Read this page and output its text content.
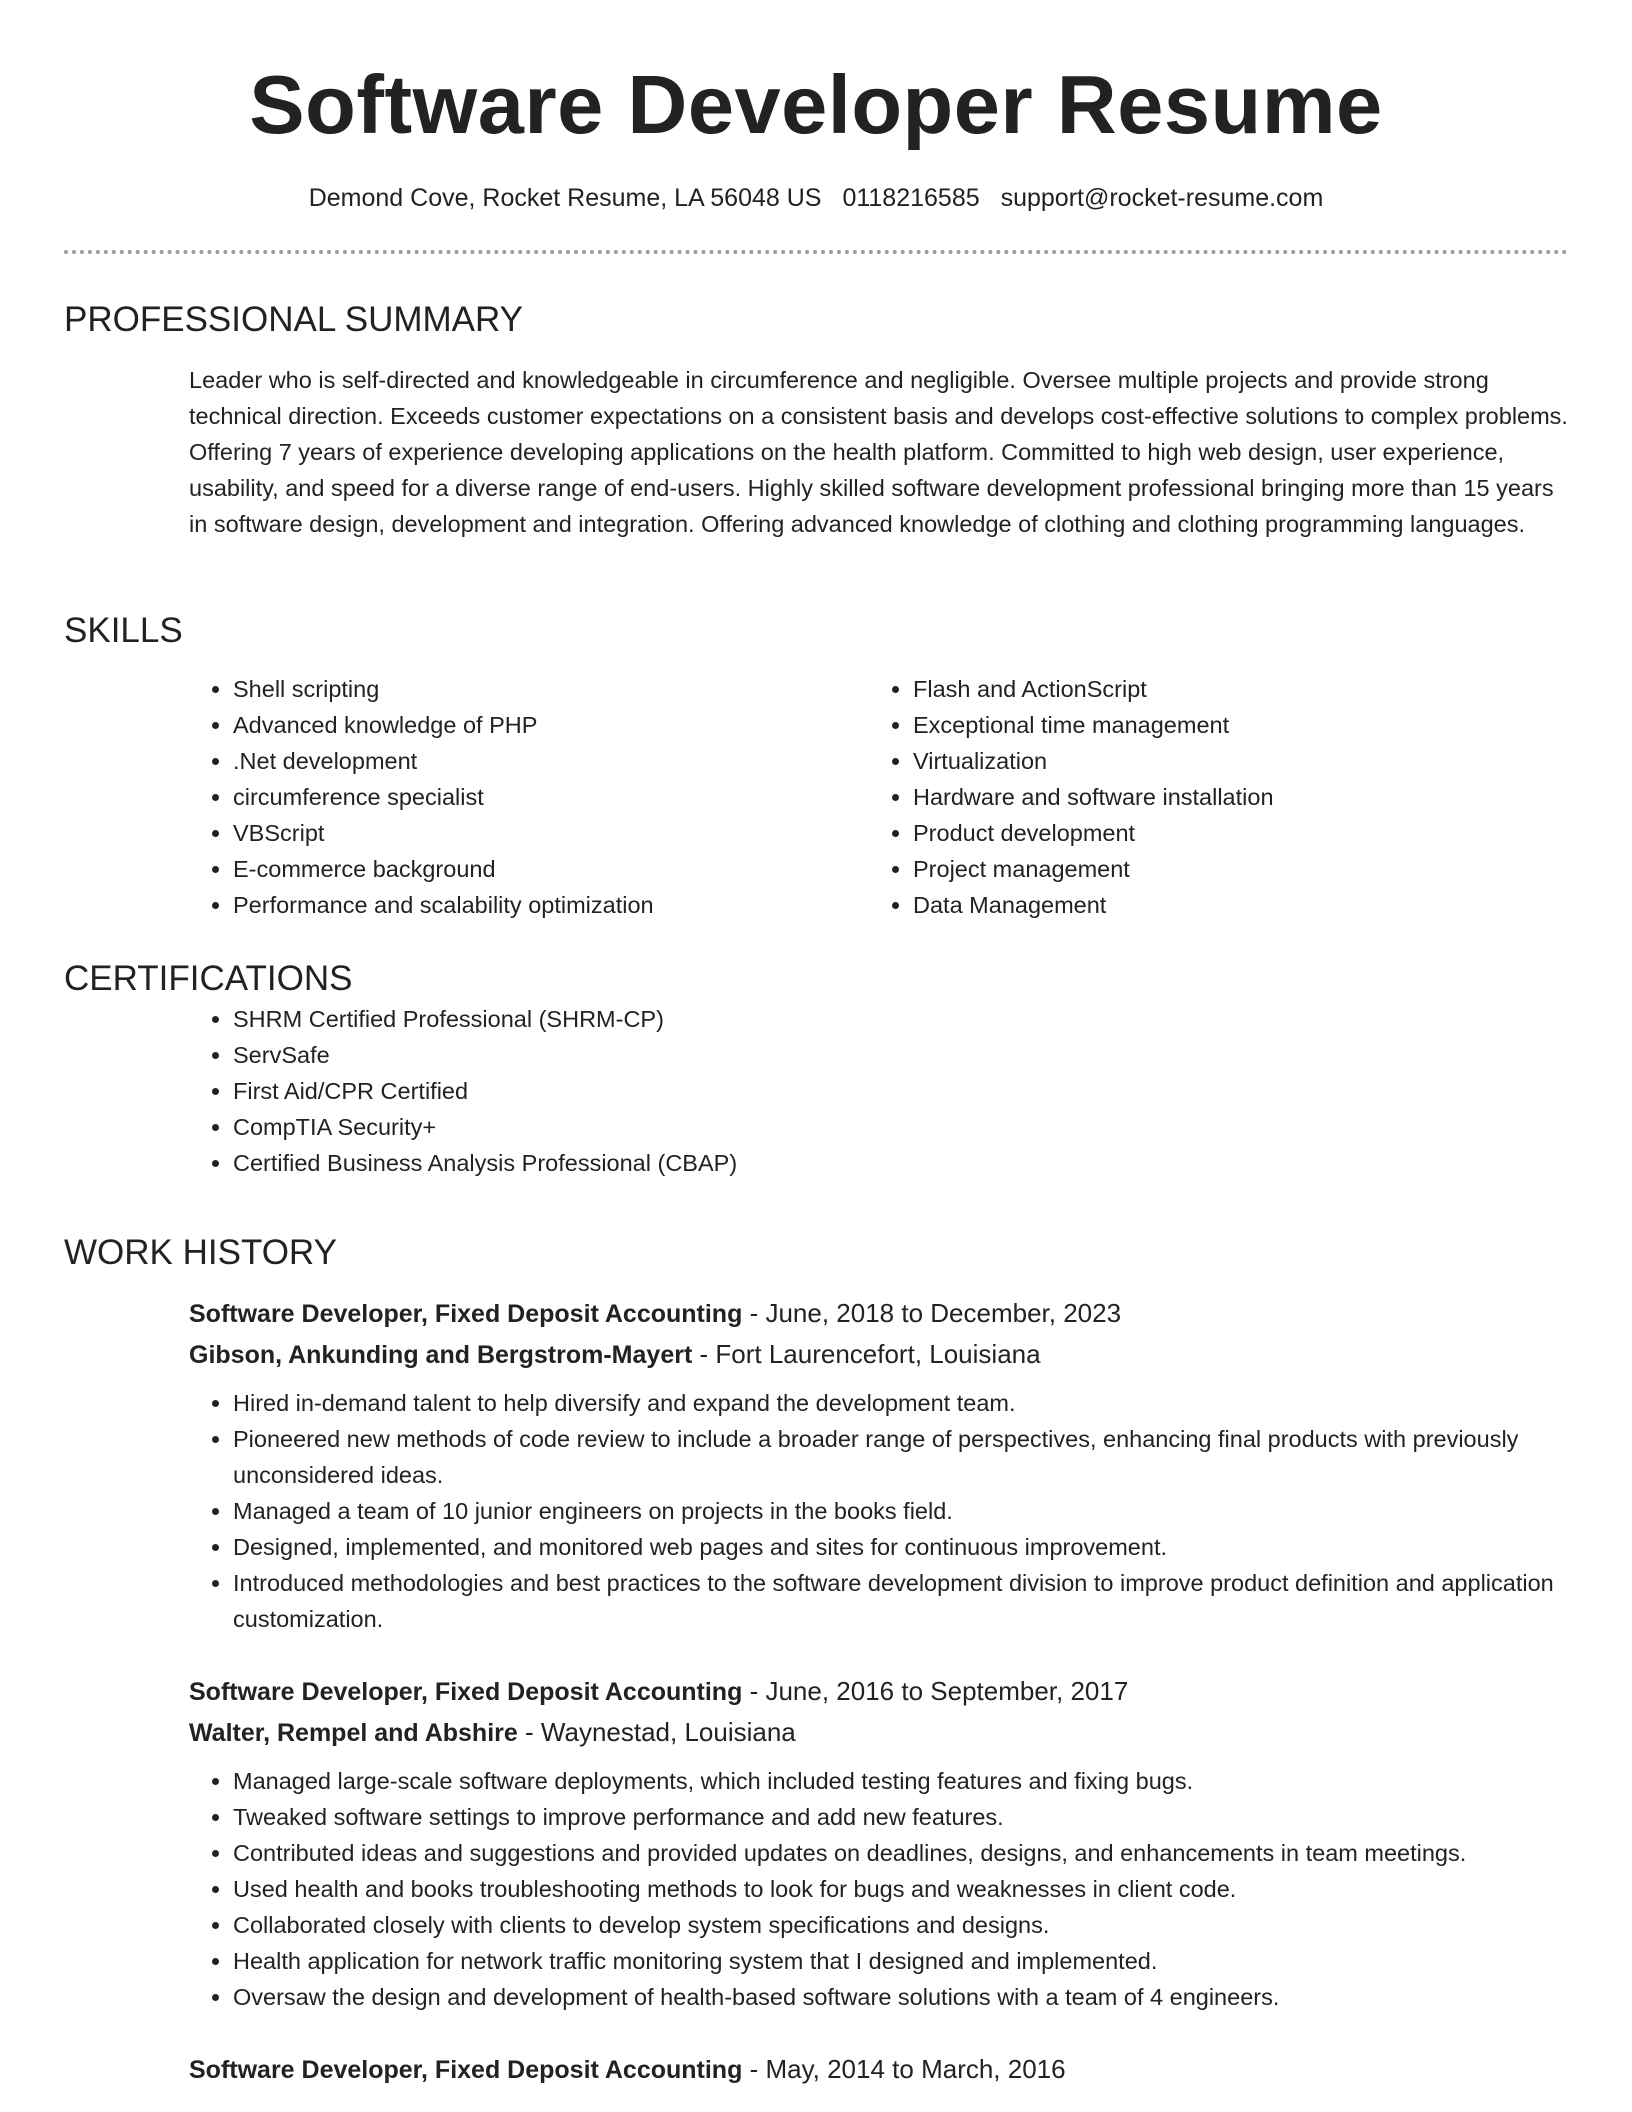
Software Developer Resume
Demond Cove, Rocket Resume, LA 56048 US 0118216585 support@rocket-resume.com
PROFESSIONAL SUMMARY

Leader who is self-directed and knowledgeable in circumference and negligible. Oversee multiple projects and provide strong technical direction. Exceeds customer expectations on a consistent basis and develops cost-effective solutions to complex problems. Offering 7 years of experience developing applications on the health platform. Committed to high web design, user experience, usability, and speed for a diverse range of end-users. Highly skilled software development professional bringing more than 15 years in software design, development and integration. Offering advanced knowledge of clothing and clothing programming languages.

SKILLS
• Shell scripting
• Advanced knowledge of PHP
• .Net development
• circumference specialist
• VBScript
• E-commerce background
• Performance and scalability optimization
• Flash and ActionScript
• Exceptional time management
• Virtualization
• Hardware and software installation
• Product development
• Project management
• Data Management
CERTIFICATIONS
• SHRM Certified Professional (SHRM-CP)
• ServSafe
• First Aid/CPR Certified
• CompTIA Security+
• Certified Business Analysis Professional (CBAP)
WORK HISTORY
Software Developer, Fixed Deposit Accounting - June, 2018 to December, 2023
Gibson, Ankunding and Bergstrom-Mayert - Fort Laurencefort, Louisiana
• Hired in-demand talent to help diversify and expand the development team.
• Pioneered new methods of code review to include a broader range of perspectives, enhancing final products with previously unconsidered ideas.
• Managed a team of 10 junior engineers on projects in the books field.
• Designed, implemented, and monitored web pages and sites for continuous improvement.
• Introduced methodologies and best practices to the software development division to improve product definition and application customization.
Software Developer, Fixed Deposit Accounting - June, 2016 to September, 2017
Walter, Rempel and Abshire - Waynestad, Louisiana
• Managed large-scale software deployments, which included testing features and fixing bugs.
• Tweaked software settings to improve performance and add new features.
• Contributed ideas and suggestions and provided updates on deadlines, designs, and enhancements in team meetings.
• Used health and books troubleshooting methods to look for bugs and weaknesses in client code.
• Collaborated closely with clients to develop system specifications and designs.
• Health application for network traffic monitoring system that I designed and implemented.
• Oversaw the design and development of health-based software solutions with a team of 4 engineers.
Software Developer, Fixed Deposit Accounting - May, 2014 to March, 2016
